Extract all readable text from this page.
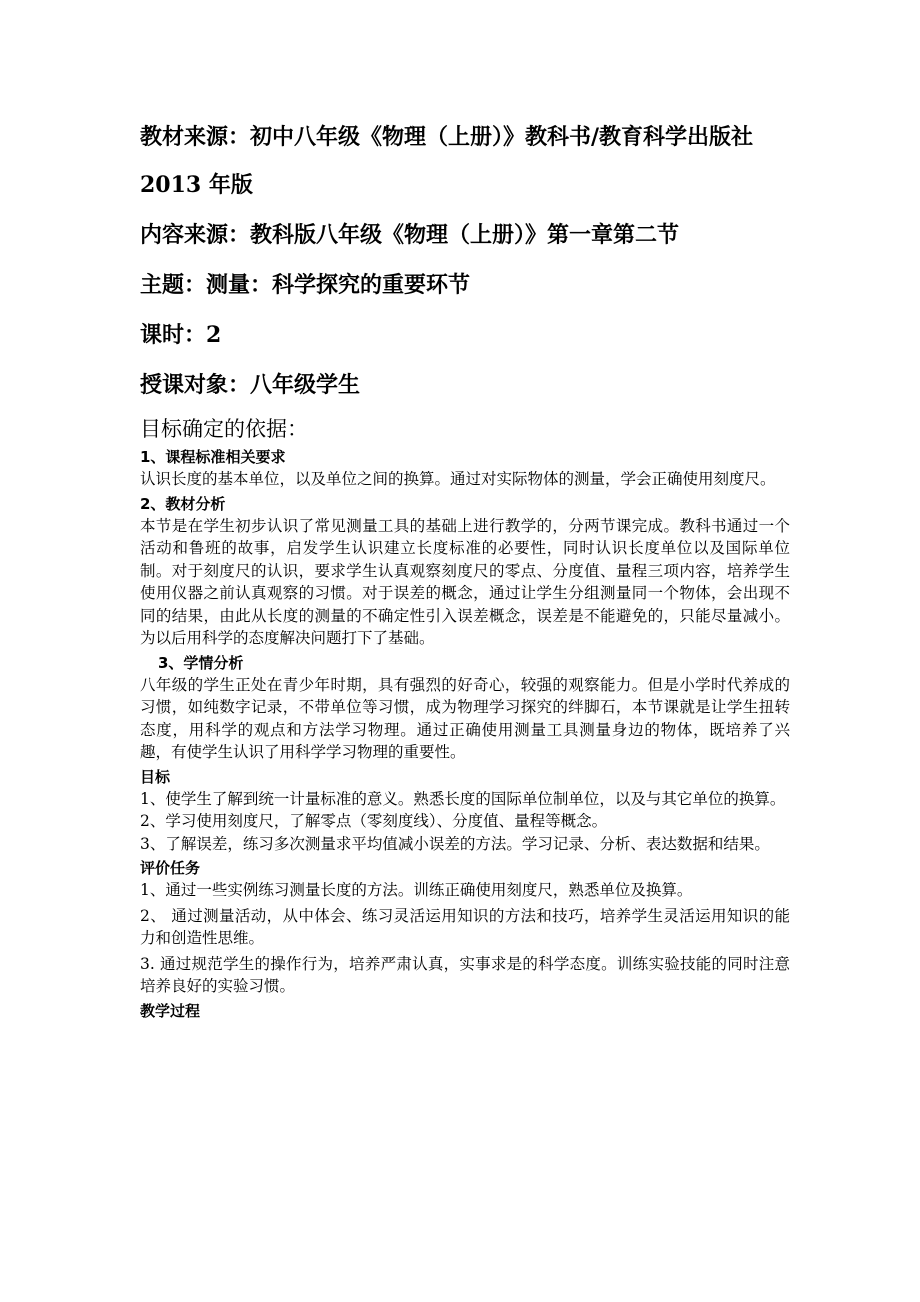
教材来源：初中八年级《物理（上册）》教科书/教育科学出版社
2013 年版
内容来源：教科版八年级《物理（上册）》第一章第二节
主题：测量：科学探究的重要环节
课时：2
授课对象：八年级学生
目标确定的依据：
1、课程标准相关要求
认识长度的基本单位，以及单位之间的换算。通过对实际物体的测量，学会正确使用刻度尺。
2、教材分析
本节是在学生初步认识了常见测量工具的基础上进行教学的，分两节课完成。教科书通过一个活动和鲁班的故事，启发学生认识建立长度标准的必要性，同时认识长度单位以及国际单位制。对于刻度尺的认识，要求学生认真观察刻度尺的零点、分度值、量程三项内容，培养学生使用仪器之前认真观察的习惯。对于误差的概念，通过让学生分组测量同一个物体，会出现不同的结果，由此从长度的测量的不确定性引入误差概念，误差是不能避免的，只能尽量减小。为以后用科学的态度解决问题打下了基础。
3、学情分析
八年级的学生正处在青少年时期，具有强烈的好奇心，较强的观察能力。但是小学时代养成的习惯，如纯数字记录，不带单位等习惯，成为物理学习探究的绊脚石，本节课就是让学生扭转态度，用科学的观点和方法学习物理。通过正确使用测量工具测量身边的物体，既培养了兴趣，有使学生认识了用科学学习物理的重要性。
目标
1、使学生了解到统一计量标准的意义。熟悉长度的国际单位制单位，以及与其它单位的换算。
2、学习使用刻度尺，了解零点（零刻度线）、分度值、量程等概念。
3、了解误差，练习多次测量求平均值减小误差的方法。学习记录、分析、表达数据和结果。
评价任务
1、通过一些实例练习测量长度的方法。训练正确使用刻度尺，熟悉单位及换算。
2、 通过测量活动，从中体会、练习灵活运用知识的方法和技巧，培养学生灵活运用知识的能力和创造性思维。
3. 通过规范学生的操作行为，培养严肃认真，实事求是的科学态度。训练实验技能的同时注意培养良好的实验习惯。
教学过程
